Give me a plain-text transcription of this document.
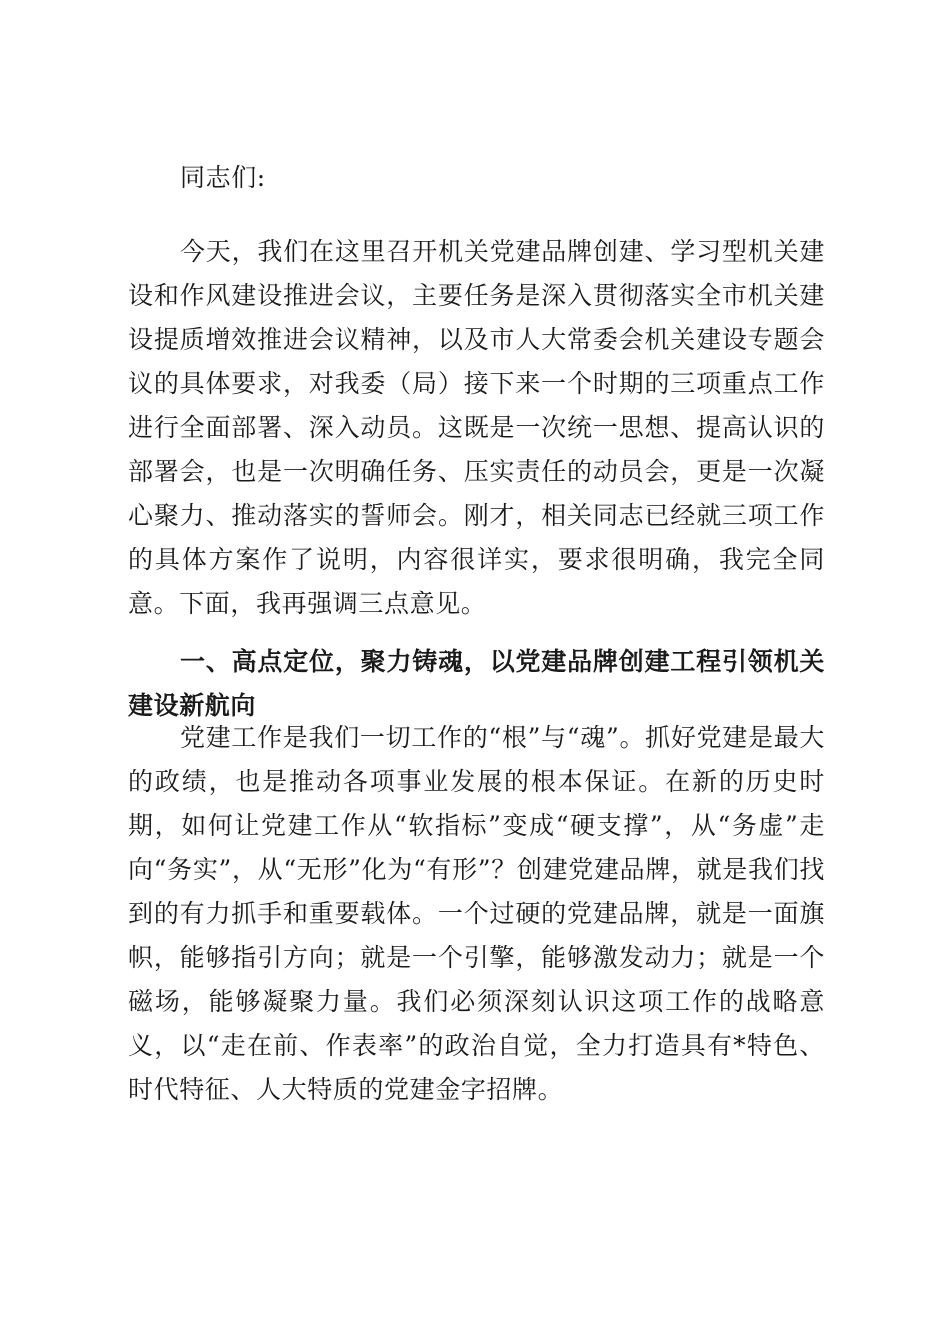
同志们:
今天，我们在这里召开机关党建品牌创建、学习型机关建设和作风建设推进会议，主要任务是深入贯彻落实全市机关建设提质增效推进会议精神，以及市人大常委会机关建设专题会议的具体要求，对我委（局）接下来一个时期的三项重点工作进行全面部署、深入动员。这既是一次统一思想、提高认识的部署会，也是一次明确任务、压实责任的动员会，更是一次凝心聚力、推动落实的誓师会。刚才，相关同志已经就三项工作的具体方案作了说明，内容很详实，要求很明确，我完全同意。下面，我再强调三点意见。
一、高点定位，聚力铸魂，以党建品牌创建工程引领机关建设新航向
党建工作是我们一切工作的“根”与“魂”。抓好党建是最大的政绩，也是推动各项事业发展的根本保证。在新的历史时期，如何让党建工作从“软指标”变成“硬支撑”，从“务虚”走向“务实”，从“无形”化为“有形”？创建党建品牌，就是我们找到的有力抓手和重要载体。一个过硬的党建品牌，就是一面旗帜，能够指引方向；就是一个引擎，能够激发动力；就是一个磁场，能够凝聚力量。我们必须深刻认识这项工作的战略意义，以“走在前、作表率”的政治自觉，全力打造具有*特色、时代特征、人大特质的党建金字招牌。
